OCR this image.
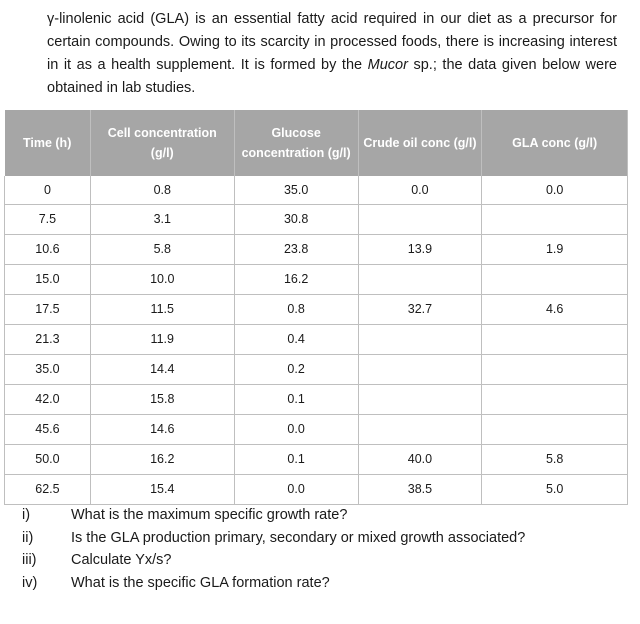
γ-linolenic acid (GLA) is an essential fatty acid required in our diet as a precursor for certain compounds. Owing to its scarcity in processed foods, there is increasing interest in it as a health supplement. It is formed by the Mucor sp.; the data given below were obtained in lab studies.
Time (h)	Cell concentration (g/l)	Glucose concentration (g/l)	Crude oil conc (g/l)	GLA conc (g/l)
0	0.8	35.0	0.0	0.0
7.5	3.1	30.8		
10.6	5.8	23.8	13.9	1.9
15.0	10.0	16.2		
17.5	11.5	0.8	32.7	4.6
21.3	11.9	0.4		
35.0	14.4	0.2		
42.0	15.8	0.1		
45.6	14.6	0.0		
50.0	16.2	0.1	40.0	5.8
62.5	15.4	0.0	38.5	5.0
i)	What is the maximum specific growth rate?
ii)	Is the GLA production primary, secondary or mixed growth associated?
iii)	Calculate Yx/s?
iv)	What is the specific GLA formation rate?
